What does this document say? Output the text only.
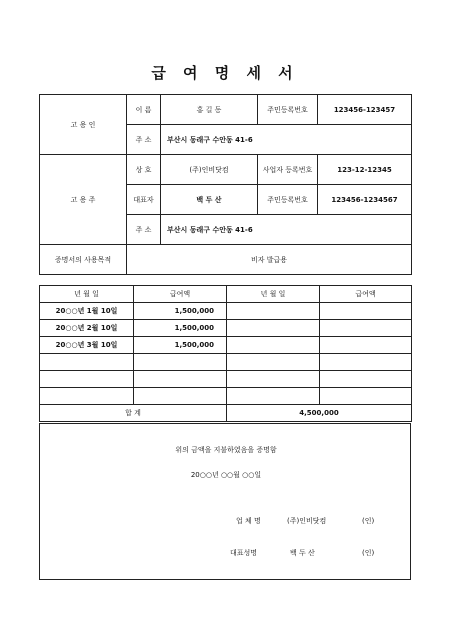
급 여 명 세 서
고 용 인	이 름	홍 길 동	주민등록번호	123456-123457
	주 소	부산시 동래구 수안동 41-6		
고 용 주	상 호	(주)인비닷컴	사업자 등록번호	123-12-12345
	대표자	백 두 산	주민등록번호	123456-1234567
	주 소	부산시 동래구 수안동 41-6		
증명서의 사용목적	비자 발급용			
년 월 일	급여액	년 월 일	급여액
20○○년 1월 10일	1,500,000		
20○○년 2월 10일	1,500,000		
20○○년 3월 10일	1,500,000		

합 계		4,500,000	
위의 금액을 지불하였음을 증명함
20○○년 ○○월 ○○일
업 체 명	(주)인비닷컴	(인)
대표성명	백 두 산	(인)
